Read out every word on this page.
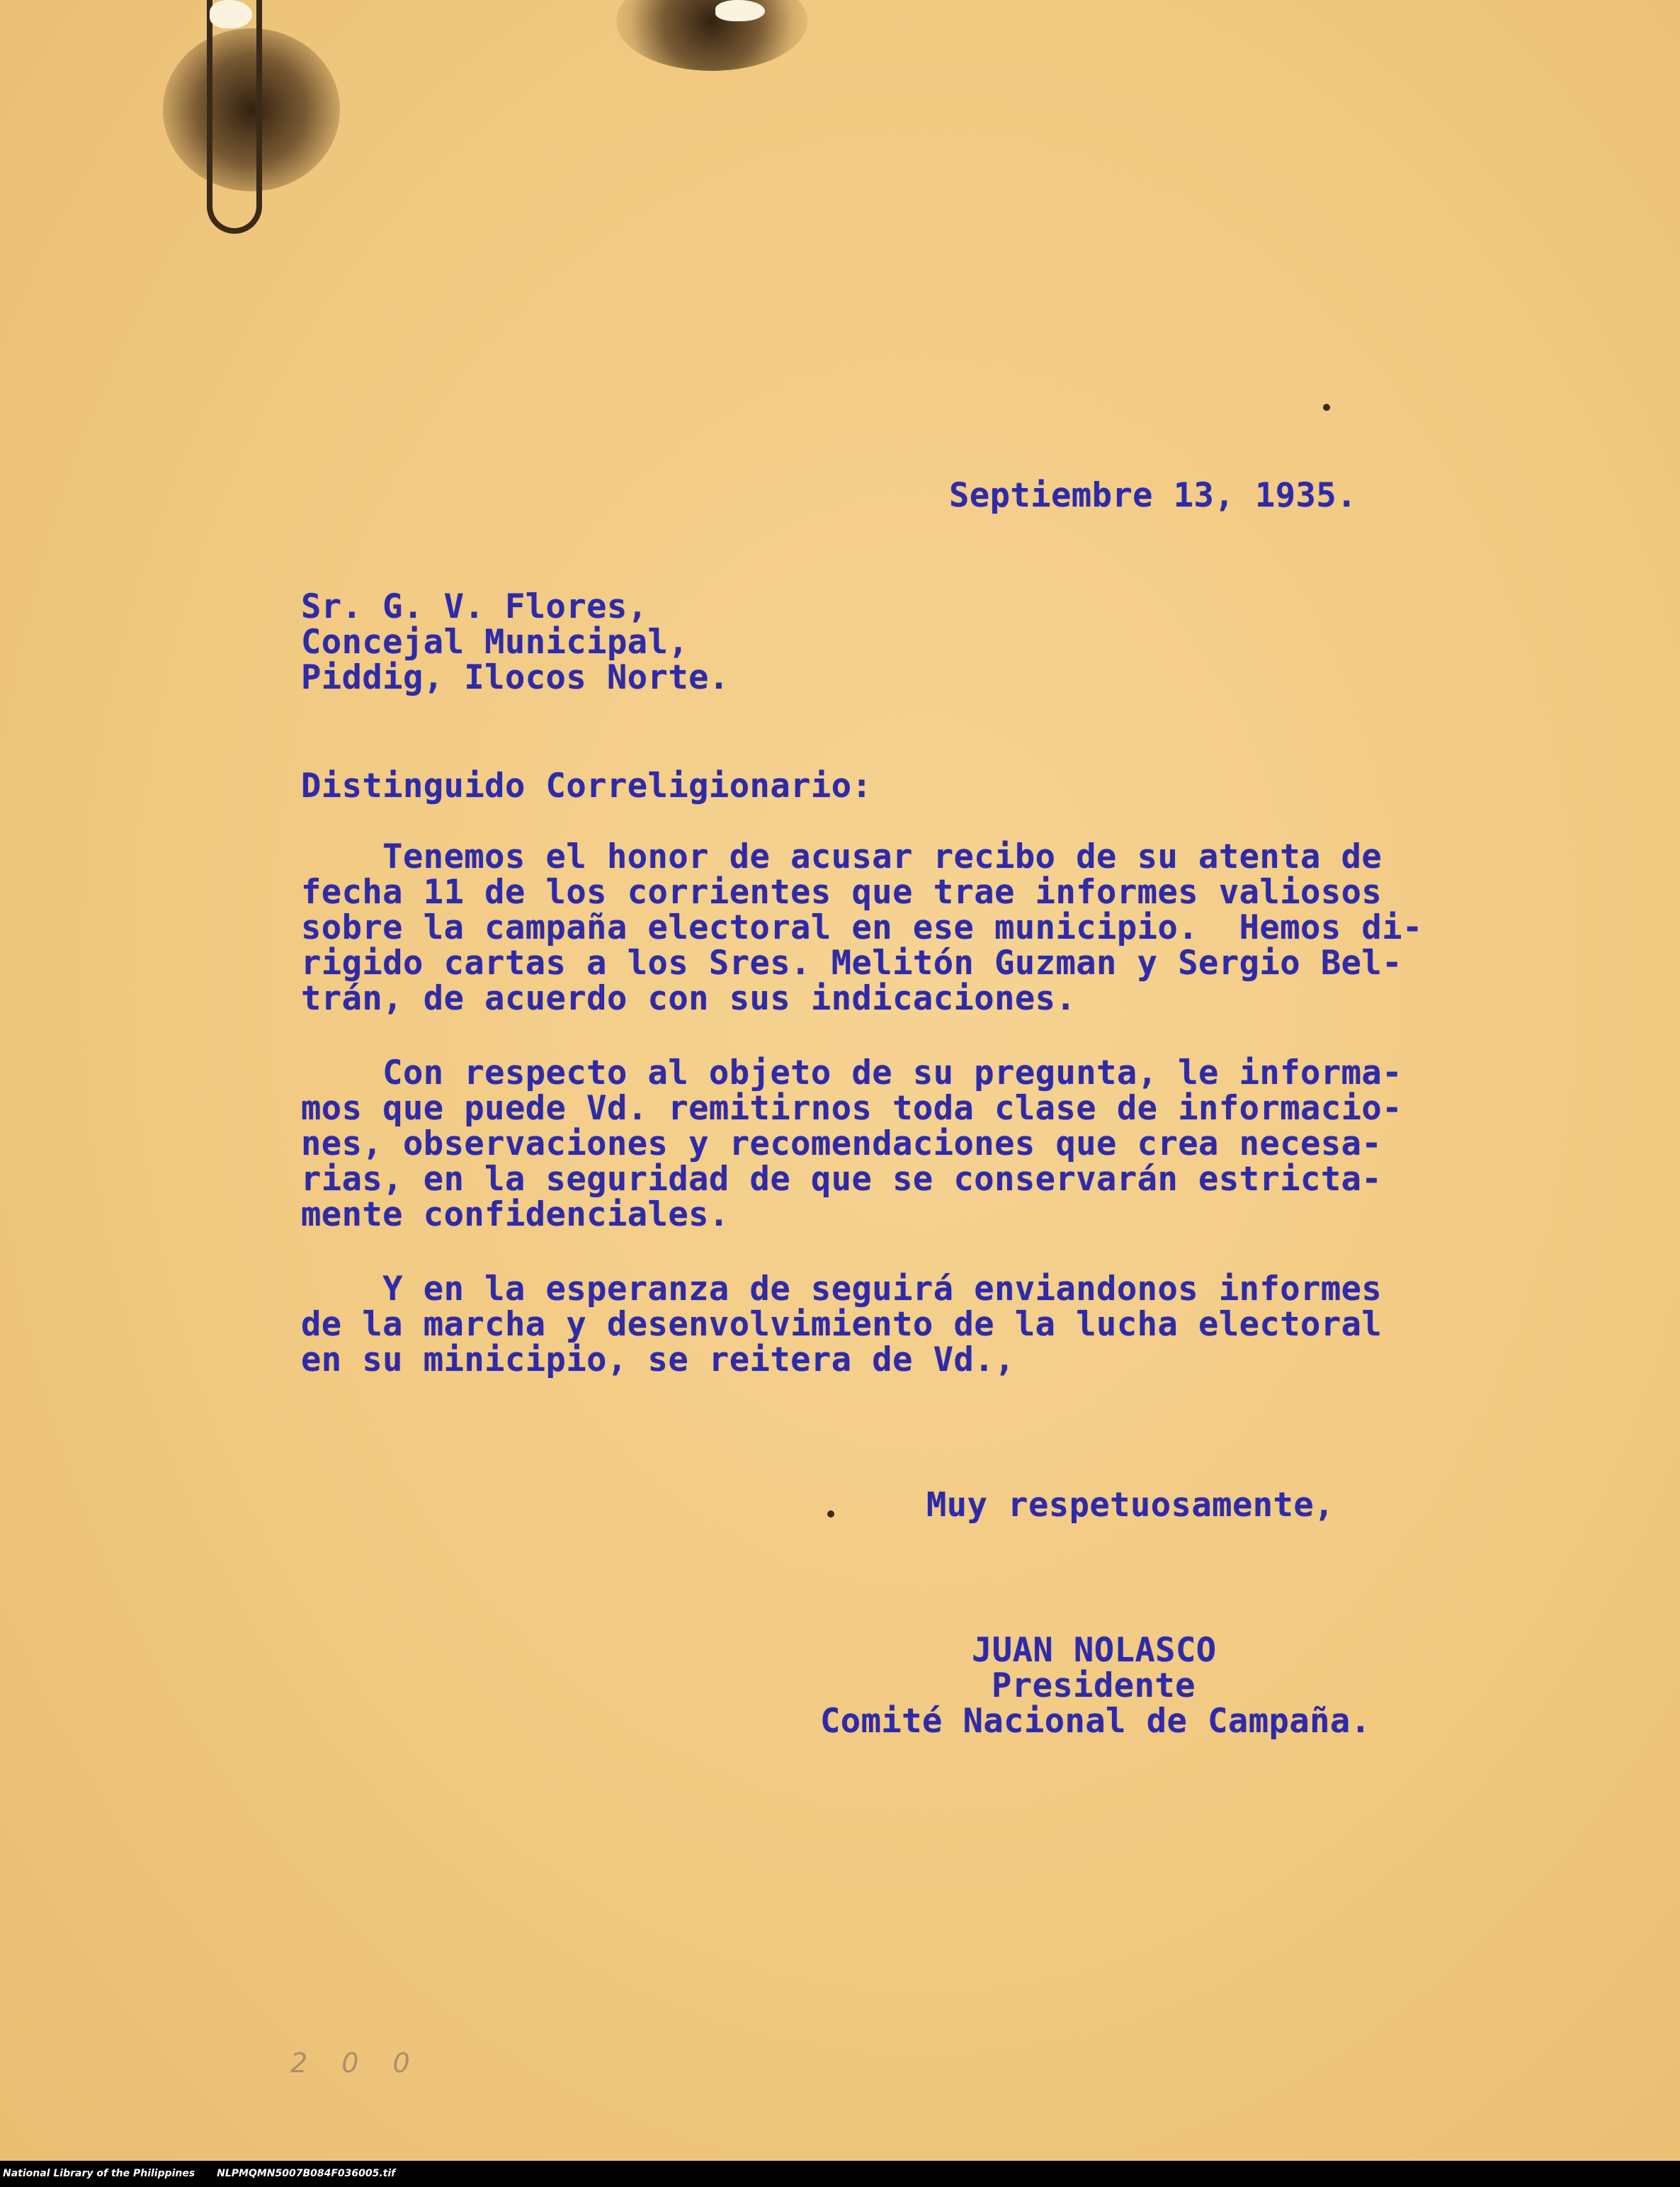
Septiembre 13, 1935.
Sr. G. V. Flores,
Concejal Municipal,
Piddig, Ilocos Norte.
Distinguido Correligionario:
Tenemos el honor de acusar recibo de su atenta de
fecha 11 de los corrientes que trae informes valiosos
sobre la campaña electoral en ese municipio.  Hemos di-
rigido cartas a los Sres. Melitón Guzman y Sergio Bel-
trán, de acuerdo con sus indicaciones.
Con respecto al objeto de su pregunta, le informa-
mos que puede Vd. remitirnos toda clase de informacio-
nes, observaciones y recomendaciones que crea necesa-
rias, en la seguridad de que se conservarán estricta-
mente confidenciales.
Y en la esperanza de seguirá enviandonos informes
de la marcha y desenvolvimiento de la lucha electoral
en su minicipio, se reitera de Vd.,
Muy respetuosamente,
JUAN NOLASCO
Presidente
Comité Nacional de Campaña.
2 0 0
National Library of the Philippines NLPMQMN5007B084F036005.tif
